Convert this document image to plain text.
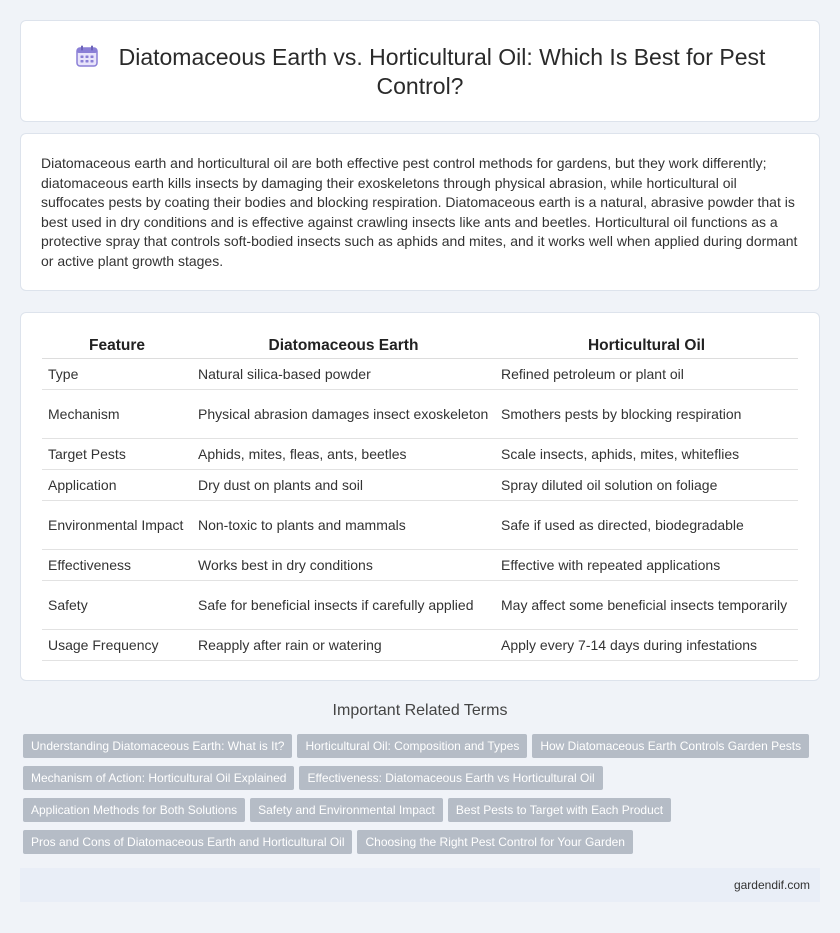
Diatomaceous Earth vs. Horticultural Oil: Which Is Best for Pest Control?

Diatomaceous earth and horticultural oil are both effective pest control methods for gardens, but they work differently; diatomaceous earth kills insects by damaging their exoskeletons through physical abrasion, while horticultural oil suffocates pests by coating their bodies and blocking respiration. Diatomaceous earth is a natural, abrasive powder that is best used in dry conditions and is effective against crawling insects like ants and beetles. Horticultural oil functions as a protective spray that controls soft-bodied insects such as aphids and mites, and it works well when applied during dormant or active plant growth stages.

Feature	Diatomaceous Earth	Horticultural Oil
Type	Natural silica-based powder	Refined petroleum or plant oil
Mechanism	Physical abrasion damages insect exoskeleton	Smothers pests by blocking respiration
Target Pests	Aphids, mites, fleas, ants, beetles	Scale insects, aphids, mites, whiteflies
Application	Dry dust on plants and soil	Spray diluted oil solution on foliage
Environmental Impact	Non-toxic to plants and mammals	Safe if used as directed, biodegradable
Effectiveness	Works best in dry conditions	Effective with repeated applications
Safety	Safe for beneficial insects if carefully applied	May affect some beneficial insects temporarily
Usage Frequency	Reapply after rain or watering	Apply every 7-14 days during infestations
Important Related Terms
Understanding Diatomaceous Earth: What is It? Horticultural Oil: Composition and Types How Diatomaceous Earth Controls Garden Pests
Mechanism of Action: Horticultural Oil Explained Effectiveness: Diatomaceous Earth vs Horticultural Oil
Application Methods for Both Solutions Safety and Environmental Impact Best Pests to Target with Each Product
Pros and Cons of Diatomaceous Earth and Horticultural Oil Choosing the Right Pest Control for Your Garden
gardendif.com
